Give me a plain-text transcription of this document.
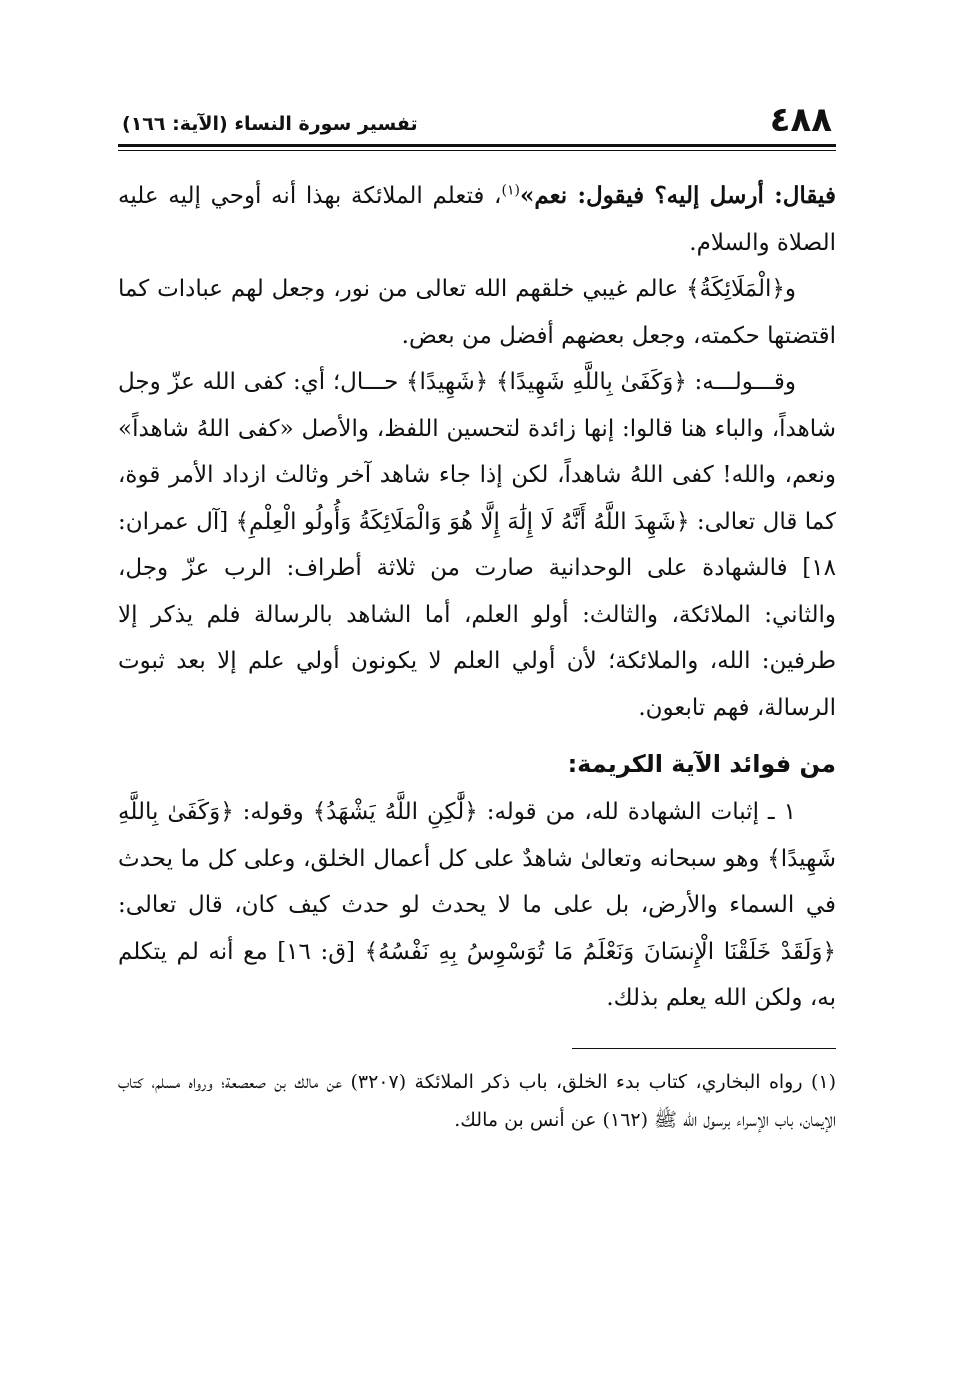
٤٨٨
تفسير سورة النساء (الآية: ١٦٦)

فيقال: أرسل إليه؟ فيقول: نعم»$^{(١)}$، فتعلم الملائكة بهذا أنه أوحي إليه عليه الصلاة والسلام.

و﴿الْمَلَائِكَةُ﴾ عالم غيبي خلقهم الله تعالى من نور، وجعل لهم عبادات كما اقتضتها حكمته، وجعل بعضهم أفضل من بعض.

وقـــولـــه: ﴿وَكَفَىٰ بِاللَّهِ شَهِيدًا﴾ ﴿شَهِيدًا﴾ حـــال؛ أي: كفى الله عزّ وجل شاهداً، والباء هنا قالوا: إنها زائدة لتحسين اللفظ، والأصل «كفى اللهُ شاهداً» ونعم، والله! كفى اللهُ شاهداً، لكن إذا جاء شاهد آخر وثالث ازداد الأمر قوة، كما قال تعالى: ﴿شَهِدَ اللَّهُ أَنَّهُ لَا إِلَٰهَ إِلَّا هُوَ وَالْمَلَائِكَةُ وَأُولُو الْعِلْمِ﴾ [آل عمران: ١٨] فالشهادة على الوحدانية صارت من ثلاثة أطراف: الرب عزّ وجل، والثاني: الملائكة، والثالث: أولو العلم، أما الشاهد بالرسالة فلم يذكر إلا طرفين: الله، والملائكة؛ لأن أولي العلم لا يكونون أولي علم إلا بعد ثبوت الرسالة، فهم تابعون.

من فوائد الآية الكريمة:

١ ـ إثبات الشهادة لله، من قوله: ﴿لَّٰكِنِ اللَّهُ يَشْهَدُ﴾ وقوله: ﴿وَكَفَىٰ بِاللَّهِ شَهِيدًا﴾ وهو سبحانه وتعالىٰ شاهدٌ على كل أعمال الخلق، وعلى كل ما يحدث في السماء والأرض، بل على ما لا يحدث لو حدث كيف كان، قال تعالى: ﴿وَلَقَدْ خَلَقْنَا الْإِنسَانَ وَنَعْلَمُ مَا تُوَسْوِسُ بِهِ نَفْسُهُ﴾ [ق: ١٦] مع أنه لم يتكلم به، ولكن الله يعلم بذلك.

(١) رواه البخاري، كتاب بدء الخلق، باب ذكر الملائكة (٣٢٠٧) عن مالك بن صعصعة؛ ورواه مسلم، كتاب الإيمان، باب الإسراء برسول الله ﷺ (١٦٢) عن أنس بن مالك.
